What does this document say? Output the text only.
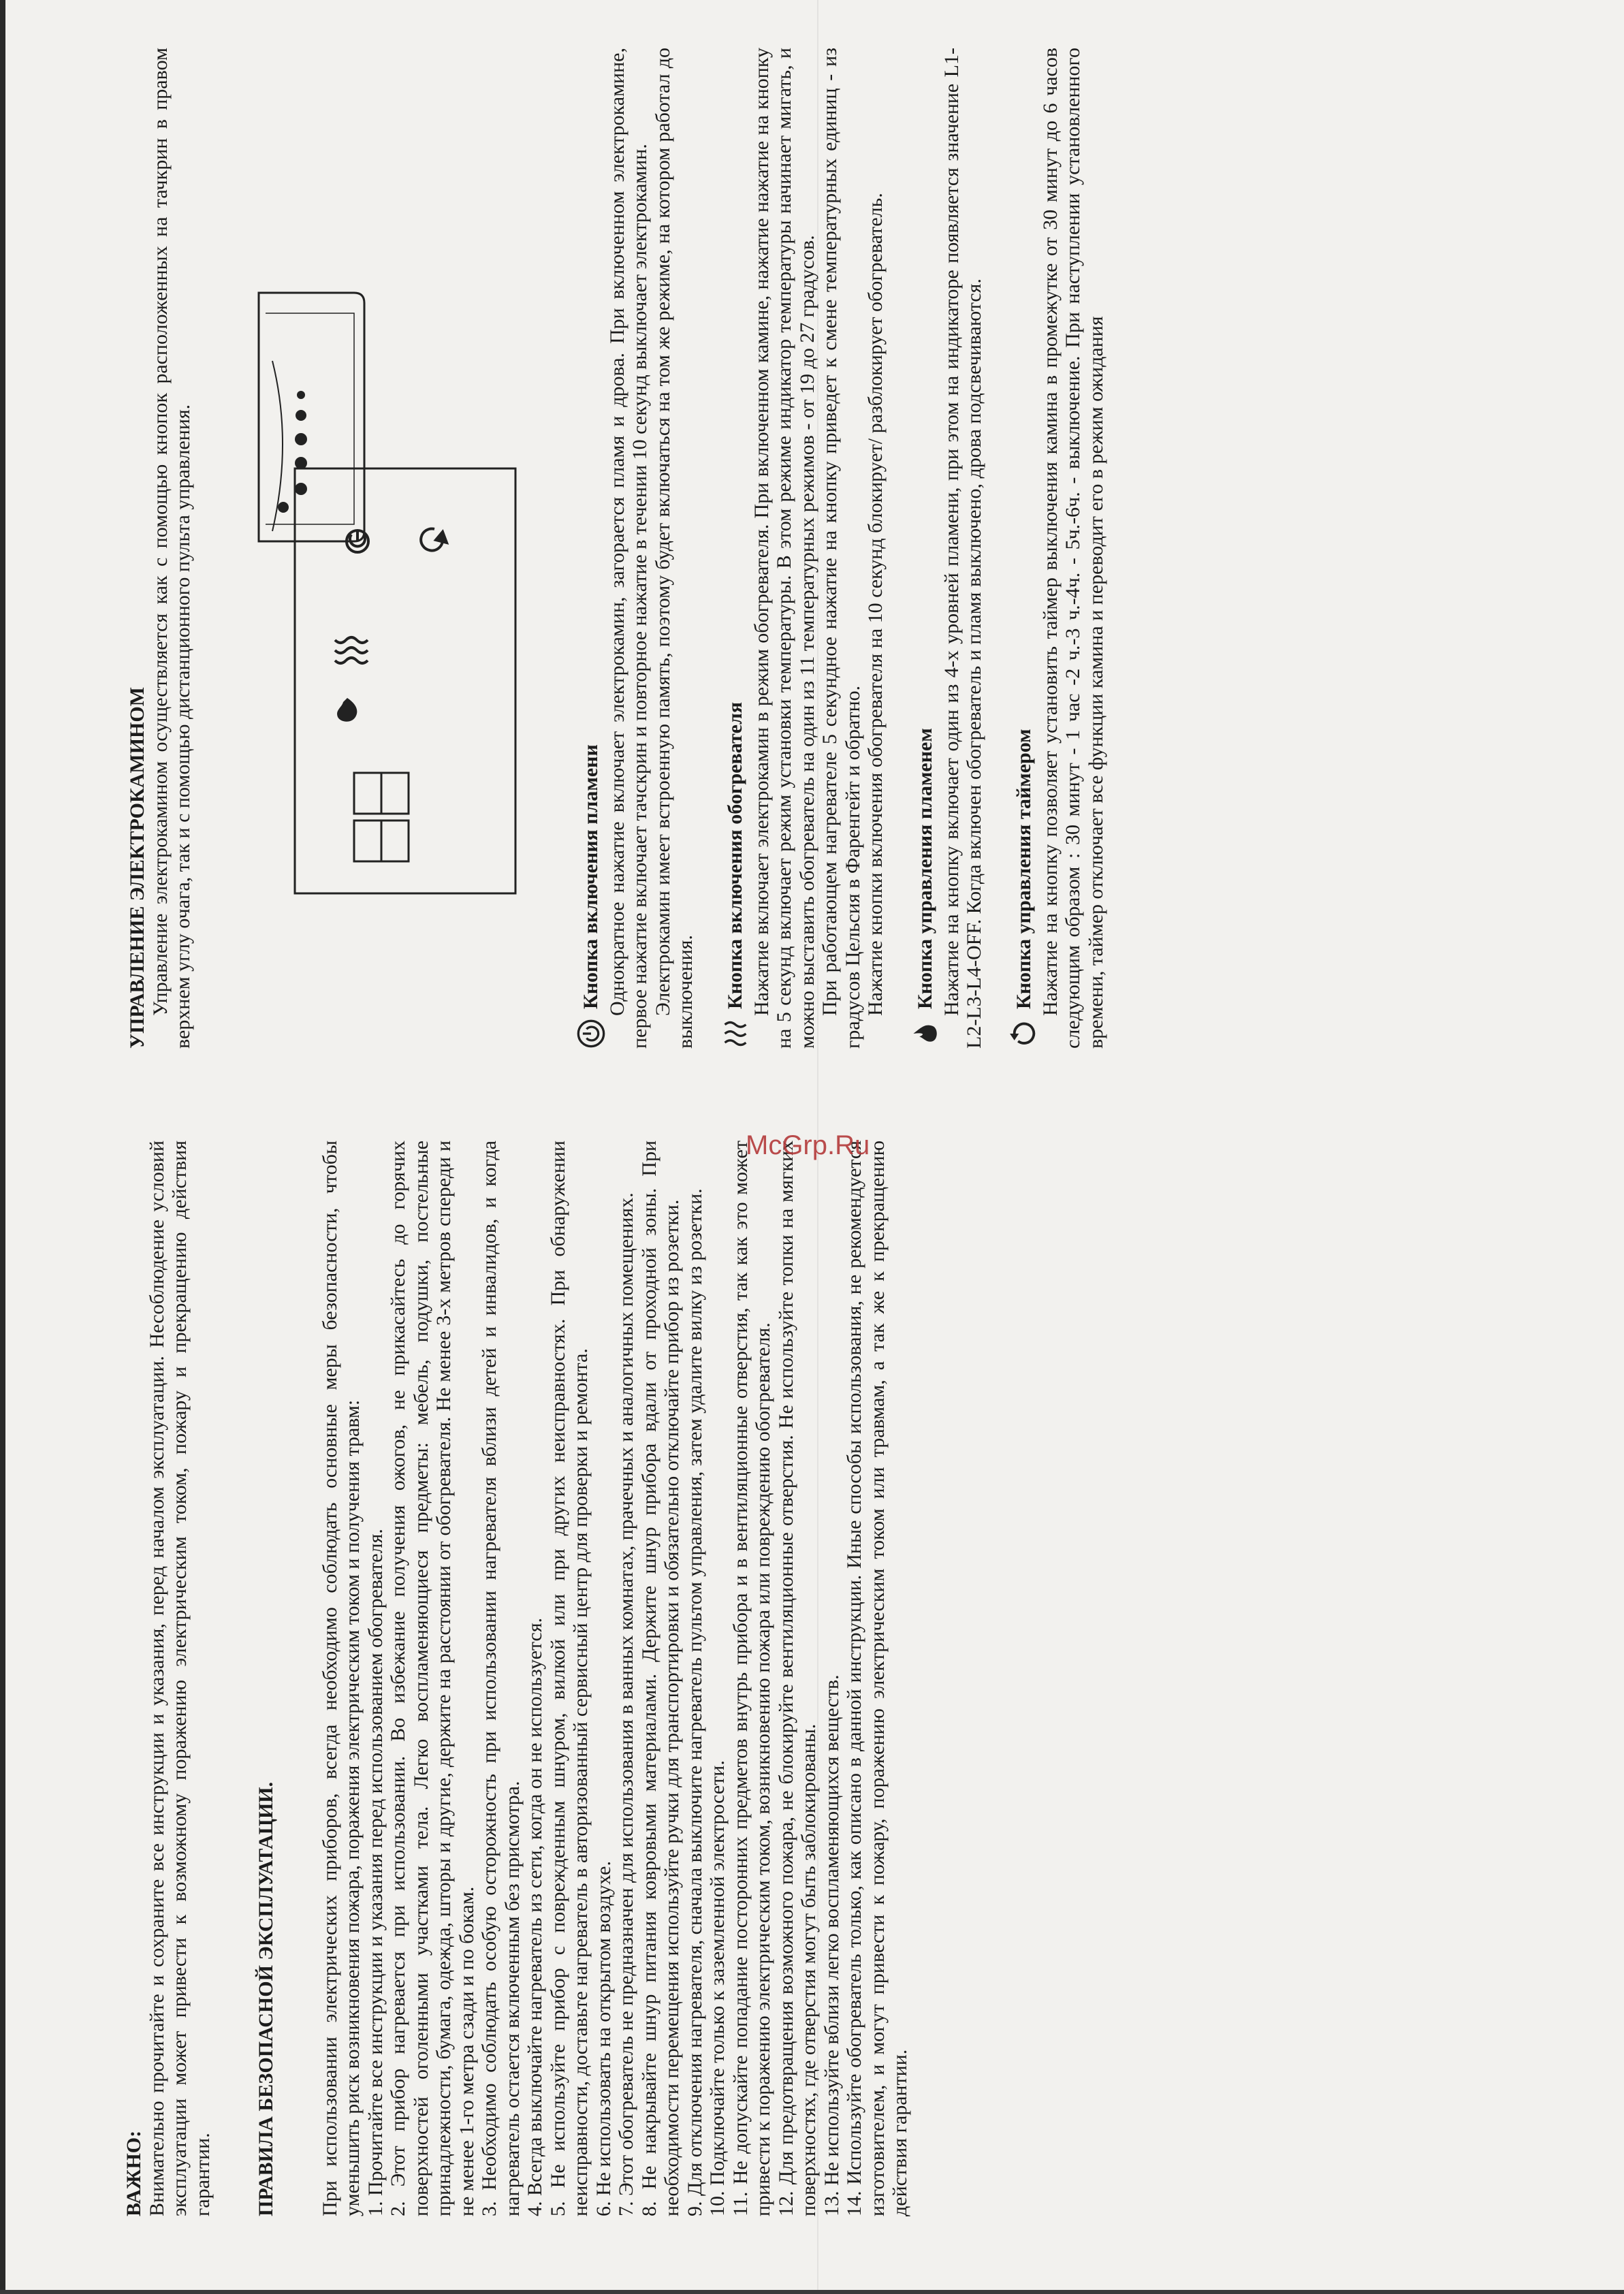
ВАЖНО: Внимательно прочитайте и сохраните все инструкции и указания, перед началом эксплуатации. Несоблюдение условий эксплуатации может привести к возможному поражению электрическим током, пожару и прекращению действия гарантии. ПРАВИЛА БЕЗОПАСНОЙ ЭКСПЛУАТАЦИИ. При использовании электрических приборов, всегда необходимо соблюдать основные меры безопасности, чтобы уменьшить риск возникновения пожара, поражения электрическим током и получения травм: 1. Прочитайте все инструкции и указания перед использованием обогревателя. 2. Этот прибор нагревается при использовании. Во избежание получения ожогов, не прикасайтесь до горячих поверхностей оголенными участками тела. Легко воспламеняющиеся предметы: мебель, подушки, постельные принадлежности, бумага, одежда, шторы и другие, держите на расстоянии от обогревателя. Не менее 3-х метров спереди и не менее 1-го метра сзади и по бокам. 3. Необходимо соблюдать особую осторожность при использовании нагревателя вблизи детей и инвалидов, и когда нагреватель остается включенным без присмотра. 4. Всегда выключайте нагреватель из сети, когда он не используется. 5. Не используйте прибор с поврежденным шнуром, вилкой или при других неисправностях. При обнаружении неисправности, доставьте нагреватель в авторизованный сервисный центр для проверки и ремонта. 6. Не использовать на открытом воздухе. 7. Этот обогреватель не предназначен для использования в ванных комнатах, прачечных и аналогичных помещениях. 8. Не накрывайте шнур питания ковровыми материалами. Держите шнур прибора вдали от проходной зоны. При необходимости перемещения используйте ручки для транспортировки и обязательно отключайте прибор из розетки. 9. Для отключения нагревателя, сначала выключите нагреватель пультом управления, затем удалите вилку из розетки. 10. Подключайте только к заземленной электросети. 11. Не допускайте попадание посторонних предметов внутрь прибора и в вентиляционные отверстия, так как это может привести к поражению электрическим током, возникновению пожара или повреждению обогревателя. 12. Для предотвращения возможного пожара, не блокируйте вентиляционные отверстия. Не используйте топки на мягких поверхностях, где отверстия могут быть заблокированы. 13. Не используйте вблизи легко воспламеняющихся веществ. 14. Используйте обогреватель только, как описано в данной инструкции. Иные способы использования, не рекомендуется изготовителем, и могут привести к пожару, поражению электрическим током или травмам, а так же к прекращению действия гарантии.

УПРАВЛЕНИЕ ЭЛЕКТРОКАМИНОМ Управление электрокамином осуществляется как с помощью кнопок расположенных на тачкрин в правом верхнем углу очага, так и с помощью дистанционного пульта управления.	Кнопка включения пламени Однократное нажатие включает электрокамин, загорается пламя и дрова. При включенном электрокамине, первое нажатие включает тачскрин и повторное нажатие в течении 10 секунд выключает электрокамин. Электрокамин имеет встроенную память, поэтому будет включаться на том же режиме, на котором работал до выключения. Кнопка включения обогревателя Нажатие включает электрокамин в режим обогревателя. При включенном камине, нажатие нажатие на кнопку на 5 секунд включает режим установки температуры. В этом режиме индикатор температуры начинает мигать, и можно выставить обогреватель на один из 11 температурных режимов - от 19 до 27 градусов. При работающем нагревателе 5 секундное нажатие на кнопку приведет к смене температурных единиц - из градусов Цельсия в Фаренгейт и обратно. Нажатие кнопки включения обогревателя на 10 секунд блокирует/ разблокирует обогреватель. Кнопка управления пламенем Нажатие на кнопку включает один из 4-х уровней пламени, при этом на индикаторе появляется значение L1-L2-L3-L4-OFF. Когда включен обогреватель и пламя выключено, дрова подсвечиваются. Кнопка управления таймером Нажатие на кнопку позволяет установить таймер выключения камина в промежутке от 30 минут до 6 часов следующим образом : 30 минут - 1 час -2 ч.-3 ч.-4ч. - 5ч.-6ч. - выключение. При наступлении установленного времени, таймер отключает все функции камина и переводит его в режим ожидания

McGrp.Ru
